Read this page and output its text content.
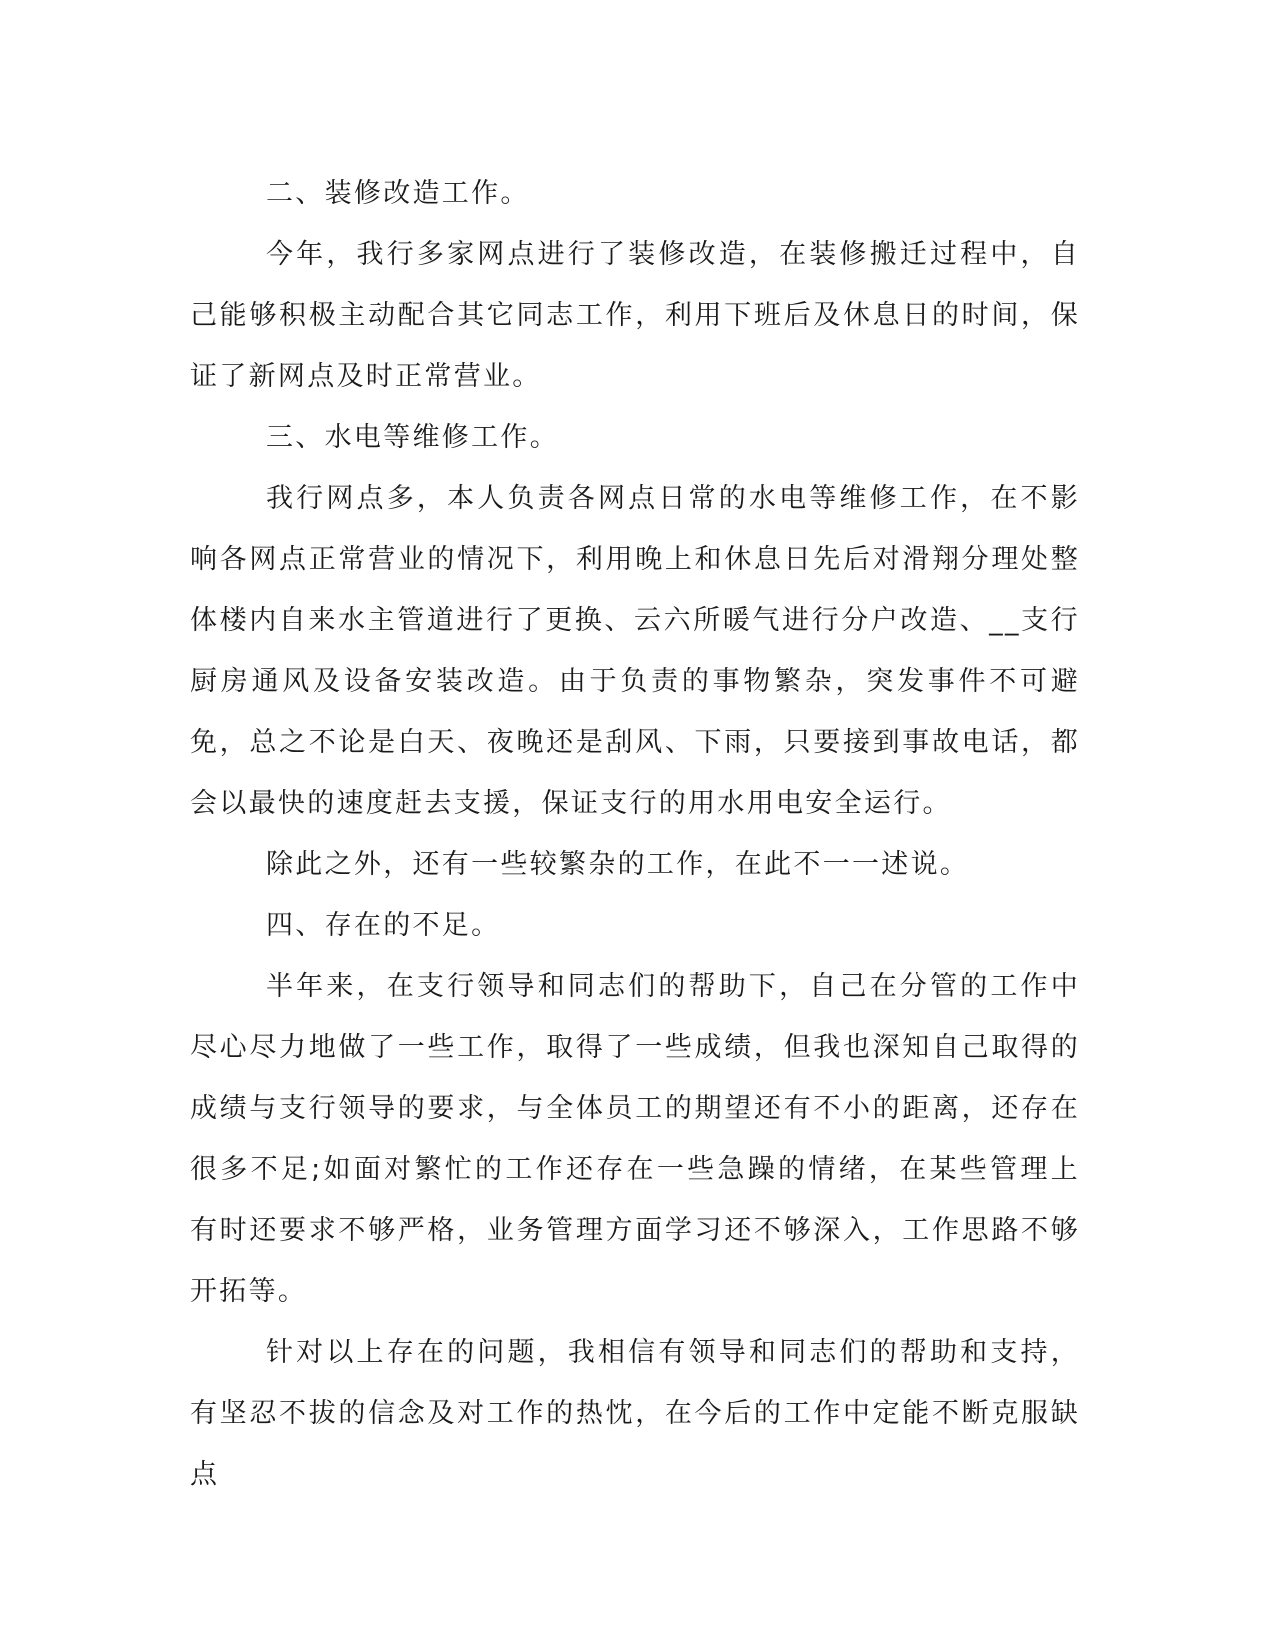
二、装修改造工作。

今年，我行多家网点进行了装修改造，在装修搬迁过程中，自己能够积极主动配合其它同志工作，利用下班后及休息日的时间，保证了新网点及时正常营业。

三、水电等维修工作。

我行网点多，本人负责各网点日常的水电等维修工作，在不影响各网点正常营业的情况下，利用晚上和休息日先后对滑翔分理处整体楼内自来水主管道进行了更换、云六所暖气进行分户改造、__支行厨房通风及设备安装改造。由于负责的事物繁杂，突发事件不可避免，总之不论是白天、夜晚还是刮风、下雨，只要接到事故电话，都会以最快的速度赶去支援，保证支行的用水用电安全运行。

除此之外，还有一些较繁杂的工作，在此不一一述说。

四、存在的不足。

半年来，在支行领导和同志们的帮助下，自己在分管的工作中尽心尽力地做了一些工作，取得了一些成绩，但我也深知自己取得的成绩与支行领导的要求，与全体员工的期望还有不小的距离，还存在很多不足;如面对繁忙的工作还存在一些急躁的情绪，在某些管理上有时还要求不够严格，业务管理方面学习还不够深入，工作思路不够开拓等。

针对以上存在的问题，我相信有领导和同志们的帮助和支持，有坚忍不拔的信念及对工作的热忱，在今后的工作中定能不断克服缺点
